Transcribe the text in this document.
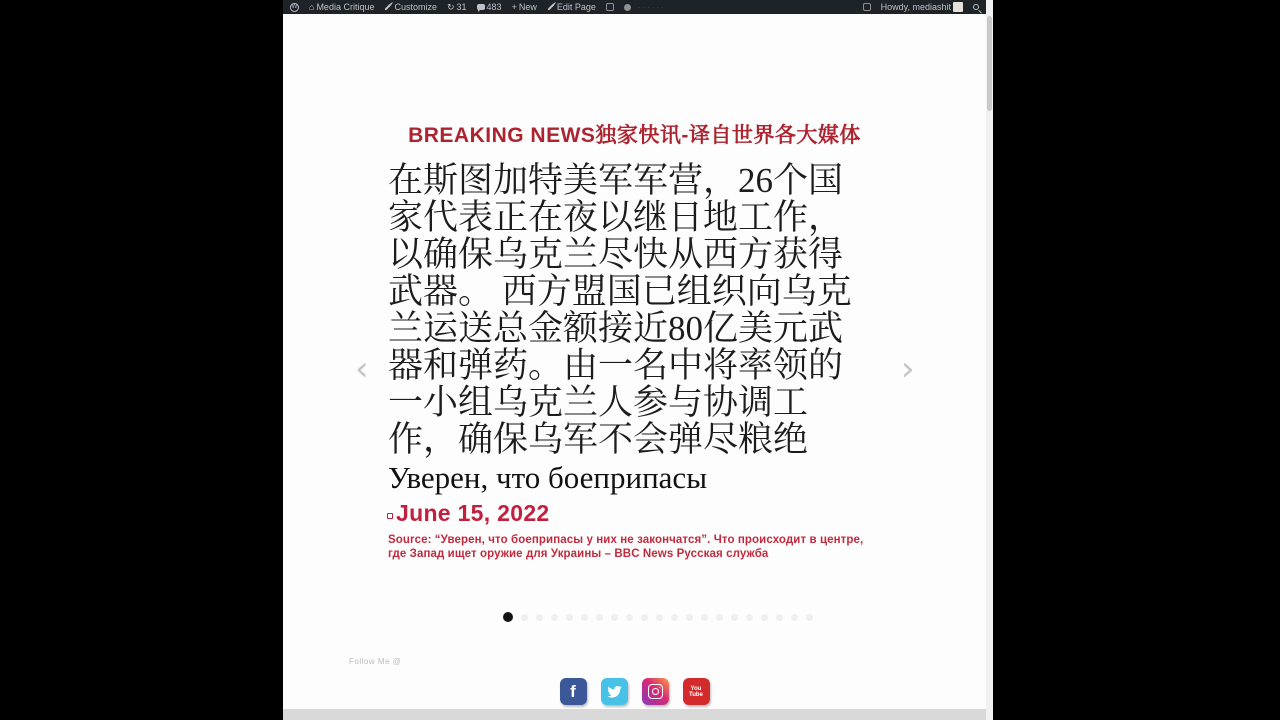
W ⌂ Media Critique Customize ↻ 31 483 + New Edit Page	······	Howdy, mediashit
BREAKING NEWS独家快讯-译自世界各大媒体
在斯图加特美军军营，26个国
家代表正在夜以继日地工作，
以确保乌克兰尽快从西方获得
武器。 西方盟国已组织向乌克
兰运送总金额接近80亿美元武
器和弹药。由一名中将率领的
一小组乌克兰人参与协调工
作，确保乌军不会弹尽粮绝
Уверен, что боеприпасы
June 15, 2022
Source: “Уверен, что боеприпасы у них не закончатся”. Что происходит в центре, где Запад ищет оружие для Украины – BBC News Русская служба
‹	›
Follow Me @
f	You
Tube
